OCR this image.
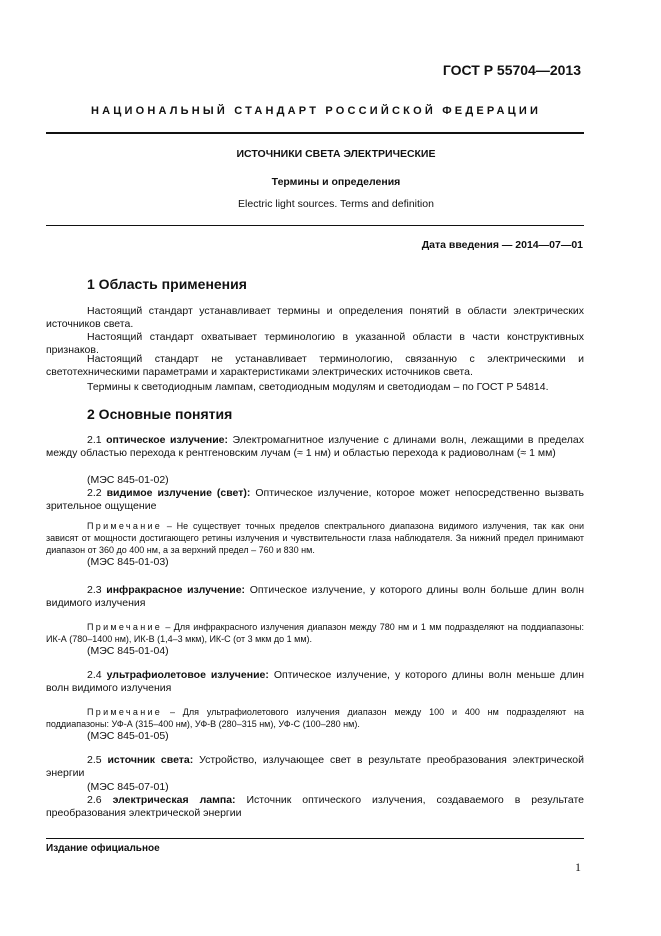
ГОСТ Р 55704—2013
НАЦИОНАЛЬНЫЙ СТАНДАРТ РОССИЙСКОЙ ФЕДЕРАЦИИ
ИСТОЧНИКИ СВЕТА ЭЛЕКТРИЧЕСКИЕ
Термины и определения
Electric light sources. Terms and definition
Дата введения — 2014—07—01
1 Область применения
Настоящий стандарт устанавливает термины и определения понятий в области электрических источников света.
Настоящий стандарт охватывает терминологию в указанной области в части конструктивных признаков.
Настоящий стандарт не устанавливает терминологию, связанную с электрическими и светотехническими параметрами и характеристиками электрических источников света.
Термины к светодиодным лампам, светодиодным модулям и светодиодам – по ГОСТ Р 54814.
2 Основные понятия
2.1 оптическое излучение: Электромагнитное излучение с длинами волн, лежащими в пределах между областью перехода к рентгеновским лучам (≈ 1 нм) и областью перехода к радиоволнам (≈ 1 мм)
(МЭС 845-01-02)
2.2 видимое излучение (свет): Оптическое излучение, которое может непосредственно вызвать зрительное ощущение
Примечание – Не существует точных пределов спектрального диапазона видимого излучения, так как они зависят от мощности достигающего ретины излучения и чувствительности глаза наблюдателя. За нижний предел принимают диапазон от 360 до 400 нм, а за верхний предел – 760 и 830 нм.
(МЭС 845-01-03)
2.3 инфракрасное излучение: Оптическое излучение, у которого длины волн больше длин волн видимого излучения
Примечание – Для инфракрасного излучения диапазон между 780 нм и 1 мм подразделяют на поддиапазоны: ИК-А (780–1400 нм), ИК-В (1,4–3 мкм), ИК-С (от 3 мкм до 1 мм).
(МЭС 845-01-04)
2.4 ультрафиолетовое излучение: Оптическое излучение, у которого длины волн меньше длин волн видимого излучения
Примечание – Для ультрафиолетового излучения диапазон между 100 и 400 нм подразделяют на поддиапазоны: УФ-А (315–400 нм), УФ-В (280–315 нм), УФ-С (100–280 нм).
(МЭС 845-01-05)
2.5 источник света: Устройство, излучающее свет в результате преобразования электрической энергии
(МЭС 845-07-01)
2.6 электрическая лампа: Источник оптического излучения, создаваемого в результате преобразования электрической энергии
Издание официальное
1
